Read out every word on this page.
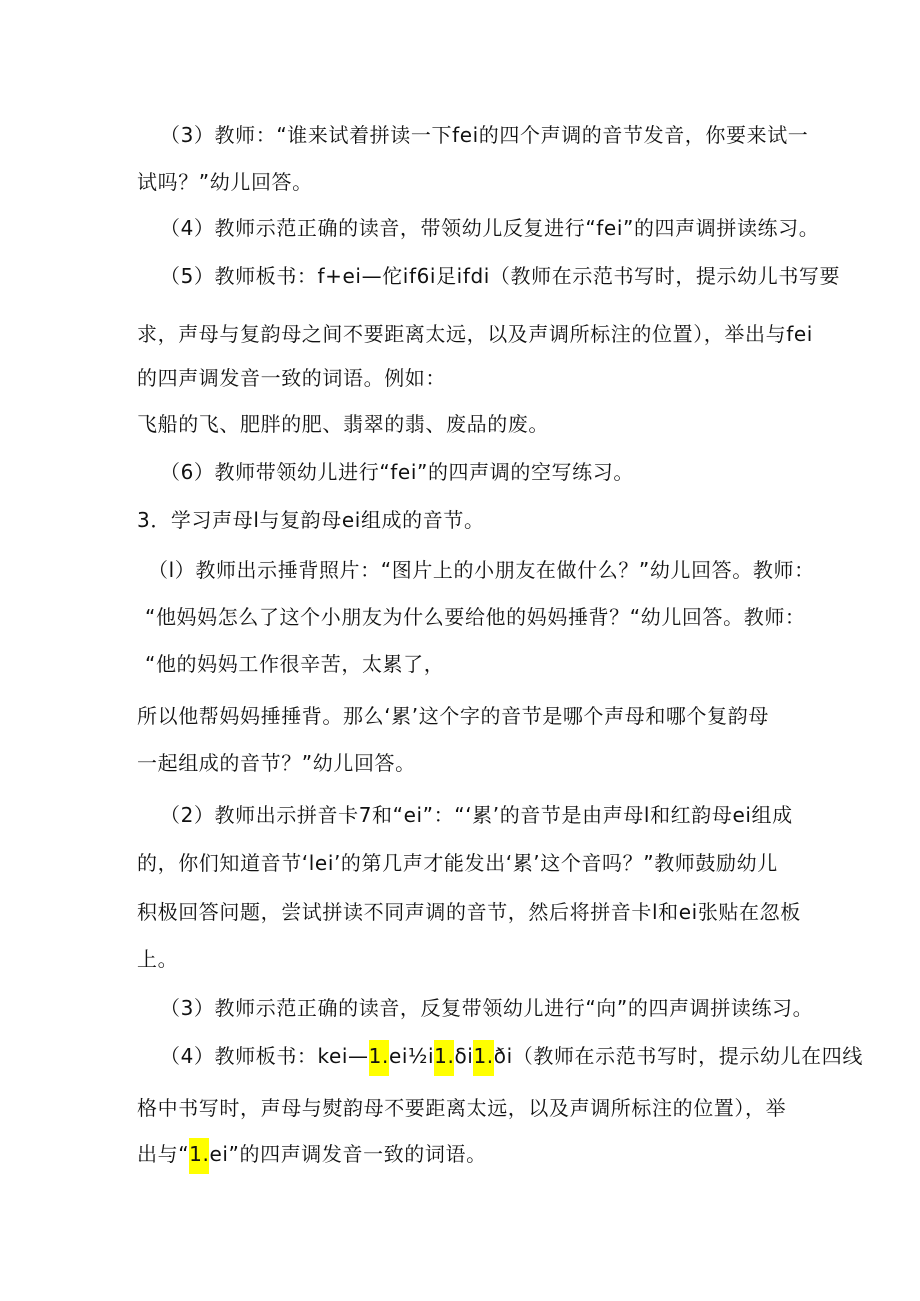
（3）教师：“谁来试着拼读一下fei的四个声调的音节发音，你要来试一
试吗？”幼儿回答。
（4）教师示范正确的读音，带领幼儿反复进行“fei”的四声调拼读练习。
（5）教师板书：f+ei—佗if6i足ifdi（教师在示范书写时，提示幼儿书写要
求，声母与复韵母之间不要距离太远，以及声调所标注的位置），举出与fei
的四声调发音一致的词语。例如：
飞船的飞、肥胖的肥、翡翠的翡、废品的废。
（6）教师带领幼儿进行“fei”的四声调的空写练习。
3．学习声母l与复韵母ei组成的音节。
（l）教师出示捶背照片：“图片上的小朋友在做什么？”幼儿回答。教师：
“他妈妈怎么了这个小朋友为什么要给他的妈妈捶背？“幼儿回答。教师：
“他的妈妈工作很辛苦，太累了，
所以他帮妈妈捶捶背。那么‘累’这个字的音节是哪个声母和哪个复韵母
一起组成的音节？”幼儿回答。
（2）教师出示拼音卡7和“ei”：“‘累’的音节是由声母l和红韵母ei组成
的，你们知道音节‘lei’的第几声才能发出‘累’这个音吗？”教师鼓励幼儿
积极回答问题，尝试拼读不同声调的音节，然后将拼音卡l和ei张贴在忽板
上。
（3）教师示范正确的读音，反复带领幼儿进行“向”的四声调拼读练习。
（4）教师板书：kei—1.ei½i1.δi1.ði（教师在示范书写时，提示幼儿在四线
格中书写时，声母与熨韵母不要距离太远，以及声调所标注的位置），举
出与“1.ei”的四声调发音一致的词语。
